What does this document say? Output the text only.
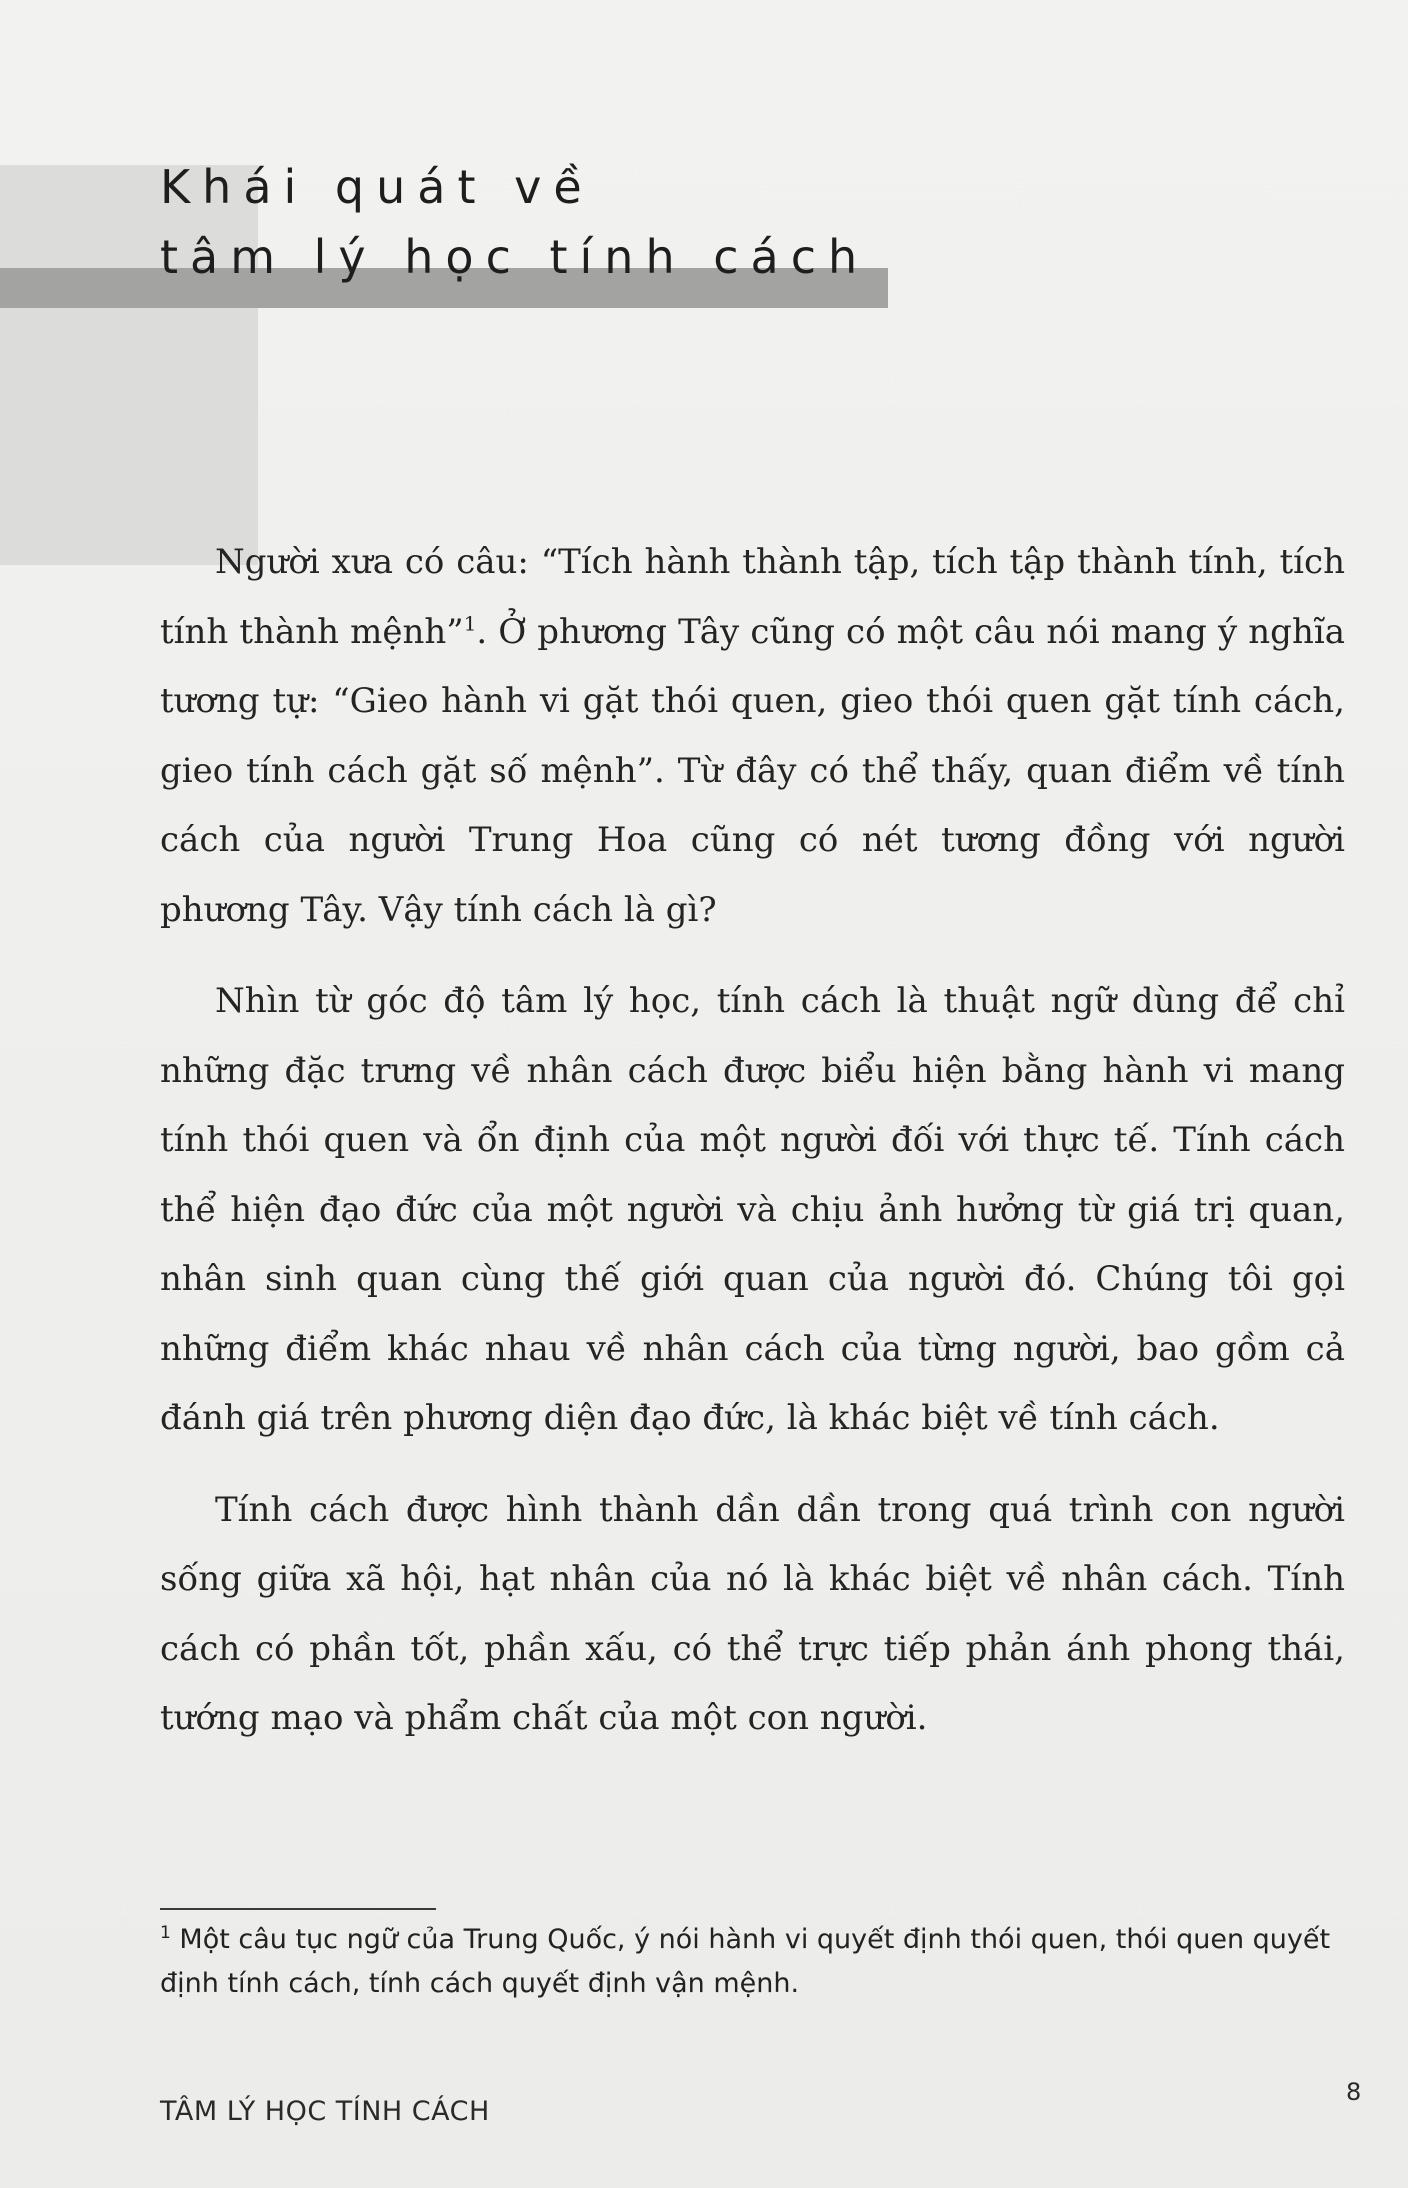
Khái quát về
tâm lý học tính cách

Người xưa có câu: “Tích hành thành tập, tích tập thành tính, tích tính thành mệnh”$^1$. Ở phương Tây cũng có một câu nói mang ý nghĩa tương tự: “Gieo hành vi gặt thói quen, gieo thói quen gặt tính cách, gieo tính cách gặt số mệnh”. Từ đây có thể thấy, quan điểm về tính cách của người Trung Hoa cũng có nét tương đồng với người phương Tây. Vậy tính cách là gì?

Nhìn từ góc độ tâm lý học, tính cách là thuật ngữ dùng để chỉ những đặc trưng về nhân cách được biểu hiện bằng hành vi mang tính thói quen và ổn định của một người đối với thực tế. Tính cách thể hiện đạo đức của một người và chịu ảnh hưởng từ giá trị quan, nhân sinh quan cùng thế giới quan của người đó. Chúng tôi gọi những điểm khác nhau về nhân cách của từng người, bao gồm cả đánh giá trên phương diện đạo đức, là khác biệt về tính cách.

Tính cách được hình thành dần dần trong quá trình con người sống giữa xã hội, hạt nhân của nó là khác biệt về nhân cách. Tính cách có phần tốt, phần xấu, có thể trực tiếp phản ánh phong thái, tướng mạo và phẩm chất của một con người.

$^1$ Một câu tục ngữ của Trung Quốc, ý nói hành vi quyết định thói quen, thói quen quyết định tính cách, tính cách quyết định vận mệnh.
TÂM LÝ HỌC TÍNH CÁCH
8
